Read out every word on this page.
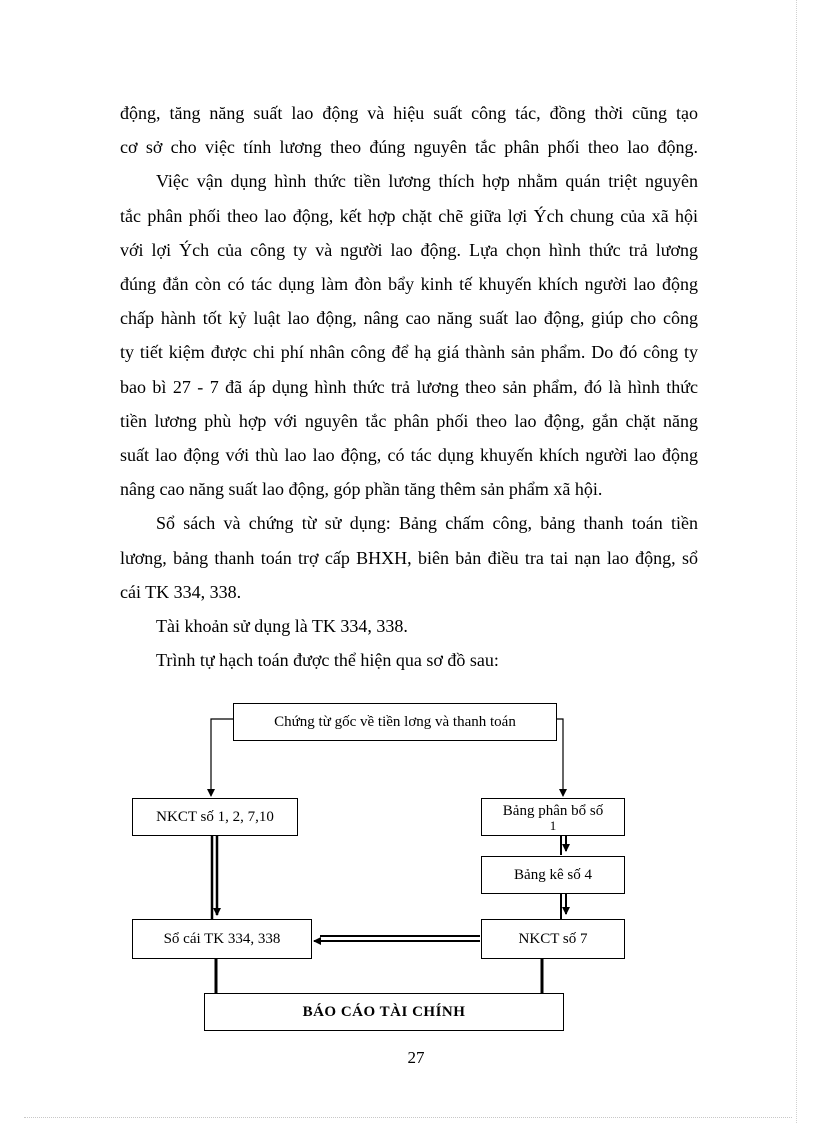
động, tăng năng suất lao động và hiệu suất công tác, đồng thời cũng tạo
cơ sở cho việc tính lương theo đúng nguyên tắc phân phối theo lao động.
Việc vận dụng hình thức tiền lương thích hợp nhằm quán triệt nguyên
tắc phân phối theo lao động, kết hợp chặt chẽ giữa lợi Ých chung của xã hội
với lợi Ých của công ty và người lao động. Lựa chọn hình thức trả lương
đúng đắn còn có tác dụng làm đòn bẩy kinh tế khuyến khích người lao động
chấp hành tốt kỷ luật lao động, nâng cao năng suất lao động, giúp cho công
ty tiết kiệm được chi phí nhân công để hạ giá thành sản phẩm. Do đó công ty
bao bì 27 - 7 đã áp dụng hình thức trả lương theo sản phẩm, đó là hình thức
tiền lương phù hợp với nguyên tắc phân phối theo lao động, gắn chặt năng
suất lao động với thù lao lao động, có tác dụng khuyến khích người lao động
nâng cao năng suất lao động, góp phần tăng thêm sản phẩm xã hội.
Sổ sách và chứng từ sử dụng: Bảng chấm công, bảng thanh toán tiền
lương, bảng thanh toán trợ cấp BHXH, biên bản điều tra tai nạn lao động, sổ
cái TK 334, 338.
Tài khoản sử dụng là TK 334, 338.
Trình tự hạch toán được thể hiện qua sơ đồ sau:
Chứng từ gốc về tiền lơng và thanh toán
NKCT số 1, 2, 7,10	Bảng phân bổ số
1
Bảng kê số 4
Sổ cái TK 334, 338	NKCT số 7
BÁO CÁO TÀI CHÍNH
27
